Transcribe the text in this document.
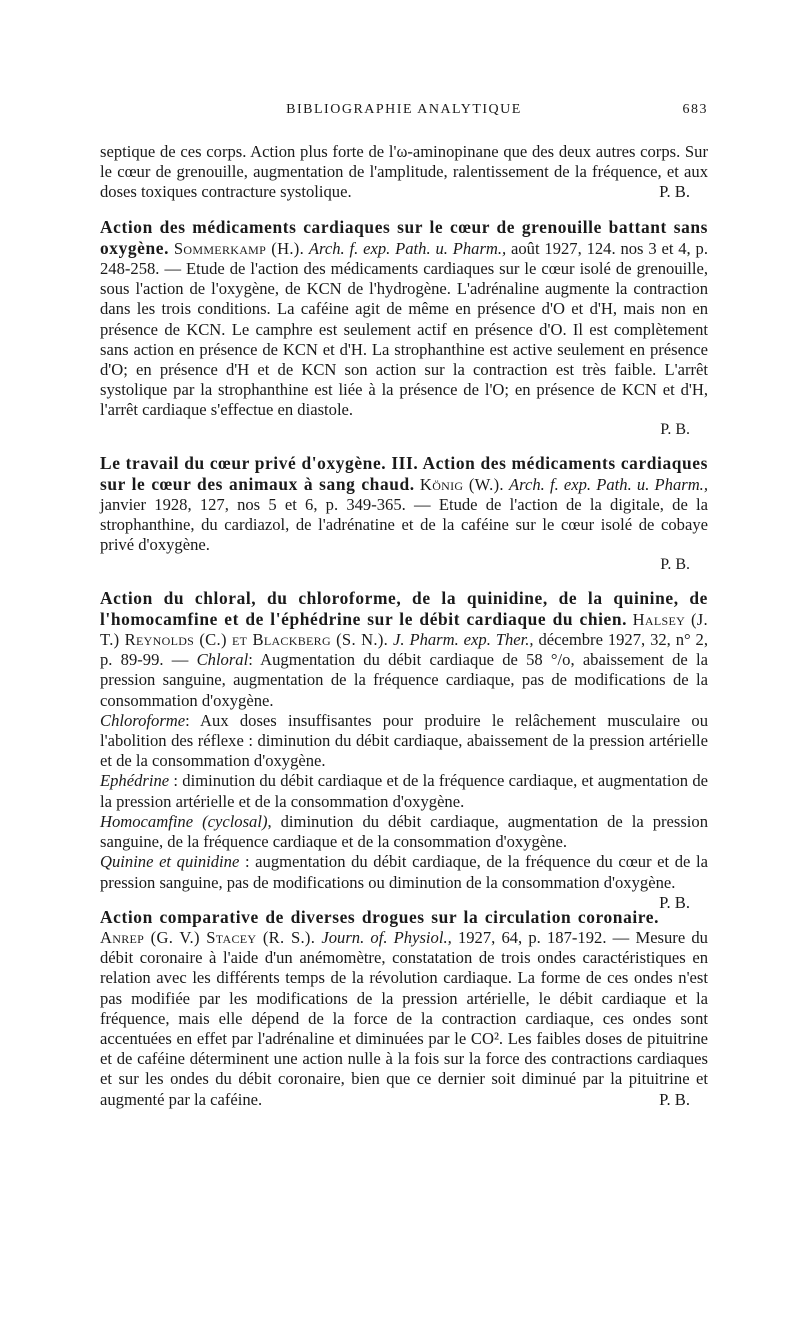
BIBLIOGRAPHIE ANALYTIQUE	683

septique de ces corps. Action plus forte de l'ω-aminopinane que des deux autres corps. Sur le cœur de grenouille, augmentation de l'amplitude, ralentissement de la fréquence, et aux doses toxiques contracture systolique.	P. B.

Action des médicaments cardiaques sur le cœur de grenouille battant sans oxygène. Sommerkamp (H.). Arch. f. exp. Path. u. Pharm., août 1927, 124. nos 3 et 4, p. 248-258. — Etude de l'action des médicaments cardiaques sur le cœur isolé de grenouille, sous l'action de l'oxygène, de KCN de l'hydrogène. L'adrénaline augmente la contraction dans les trois conditions. La caféine agit de même en présence d'O et d'H, mais non en présence de KCN. Le camphre est seulement actif en présence d'O. Il est complètement sans action en présence de KCN et d'H. La strophanthine est active seulement en présence d'O; en présence d'H et de KCN son action sur la contraction est très faible. L'arrêt systolique par la strophanthine est liée à la présence de l'O; en présence de KCN et d'H, l'arrêt cardiaque s'effectue en diastole.

P. B.

Le travail du cœur privé d'oxygène. III. Action des médicaments cardiaques sur le cœur des animaux à sang chaud. König (W.). Arch. f. exp. Path. u. Pharm., janvier 1928, 127, nos 5 et 6, p. 349-365. — Etude de l'action de la digitale, de la strophanthine, du cardiazol, de l'adrénatine et de la caféine sur le cœur isolé de cobaye privé d'oxygène.

P. B.

Action du chloral, du chloroforme, de la quinidine, de la quinine, de l'homocamfine et de l'éphédrine sur le débit cardiaque du chien. Halsey (J. T.) Reynolds (C.) et Blackberg (S. N.). J. Pharm. exp. Ther., décembre 1927, 32, n° 2, p. 89-99. — Chloral: Augmentation du débit cardiaque de 58 °/o, abaissement de la pression sanguine, augmentation de la fréquence cardiaque, pas de modifications de la consommation d'oxygène.

Chloroforme: Aux doses insuffisantes pour produire le relâchement musculaire ou l'abolition des réflexe : diminution du débit cardiaque, abaissement de la pression artérielle et de la consommation d'oxygène.

Ephédrine : diminution du débit cardiaque et de la fréquence cardiaque, et augmentation de la pression artérielle et de la consommation d'oxygène.

Homocamfine (cyclosal), diminution du débit cardiaque, augmentation de la pression sanguine, de la fréquence cardiaque et de la consommation d'oxygène.

Quinine et quinidine : augmentation du débit cardiaque, de la fréquence du cœur et de la pression sanguine, pas de modifications ou diminution de la consommation d'oxygène.
P. B.

Action comparative de diverses drogues sur la circulation coronaire. Anrep (G. V.) Stacey (R. S.). Journ. of. Physiol., 1927, 64, p. 187-192. — Mesure du débit coronaire à l'aide d'un anémomètre, constatation de trois ondes caractéristiques en relation avec les différents temps de la révolution cardiaque. La forme de ces ondes n'est pas modifiée par les modifications de la pression artérielle, le débit cardiaque et la fréquence, mais elle dépend de la force de la contraction cardiaque, ces ondes sont accentuées en effet par l'adrénaline et diminuées par le CO². Les faibles doses de pituitrine et de caféine déterminent une action nulle à la fois sur la force des contractions cardiaques et sur les ondes du débit coronaire, bien que ce dernier soit diminué par la pituitrine et augmenté par la caféine.	P. B.
